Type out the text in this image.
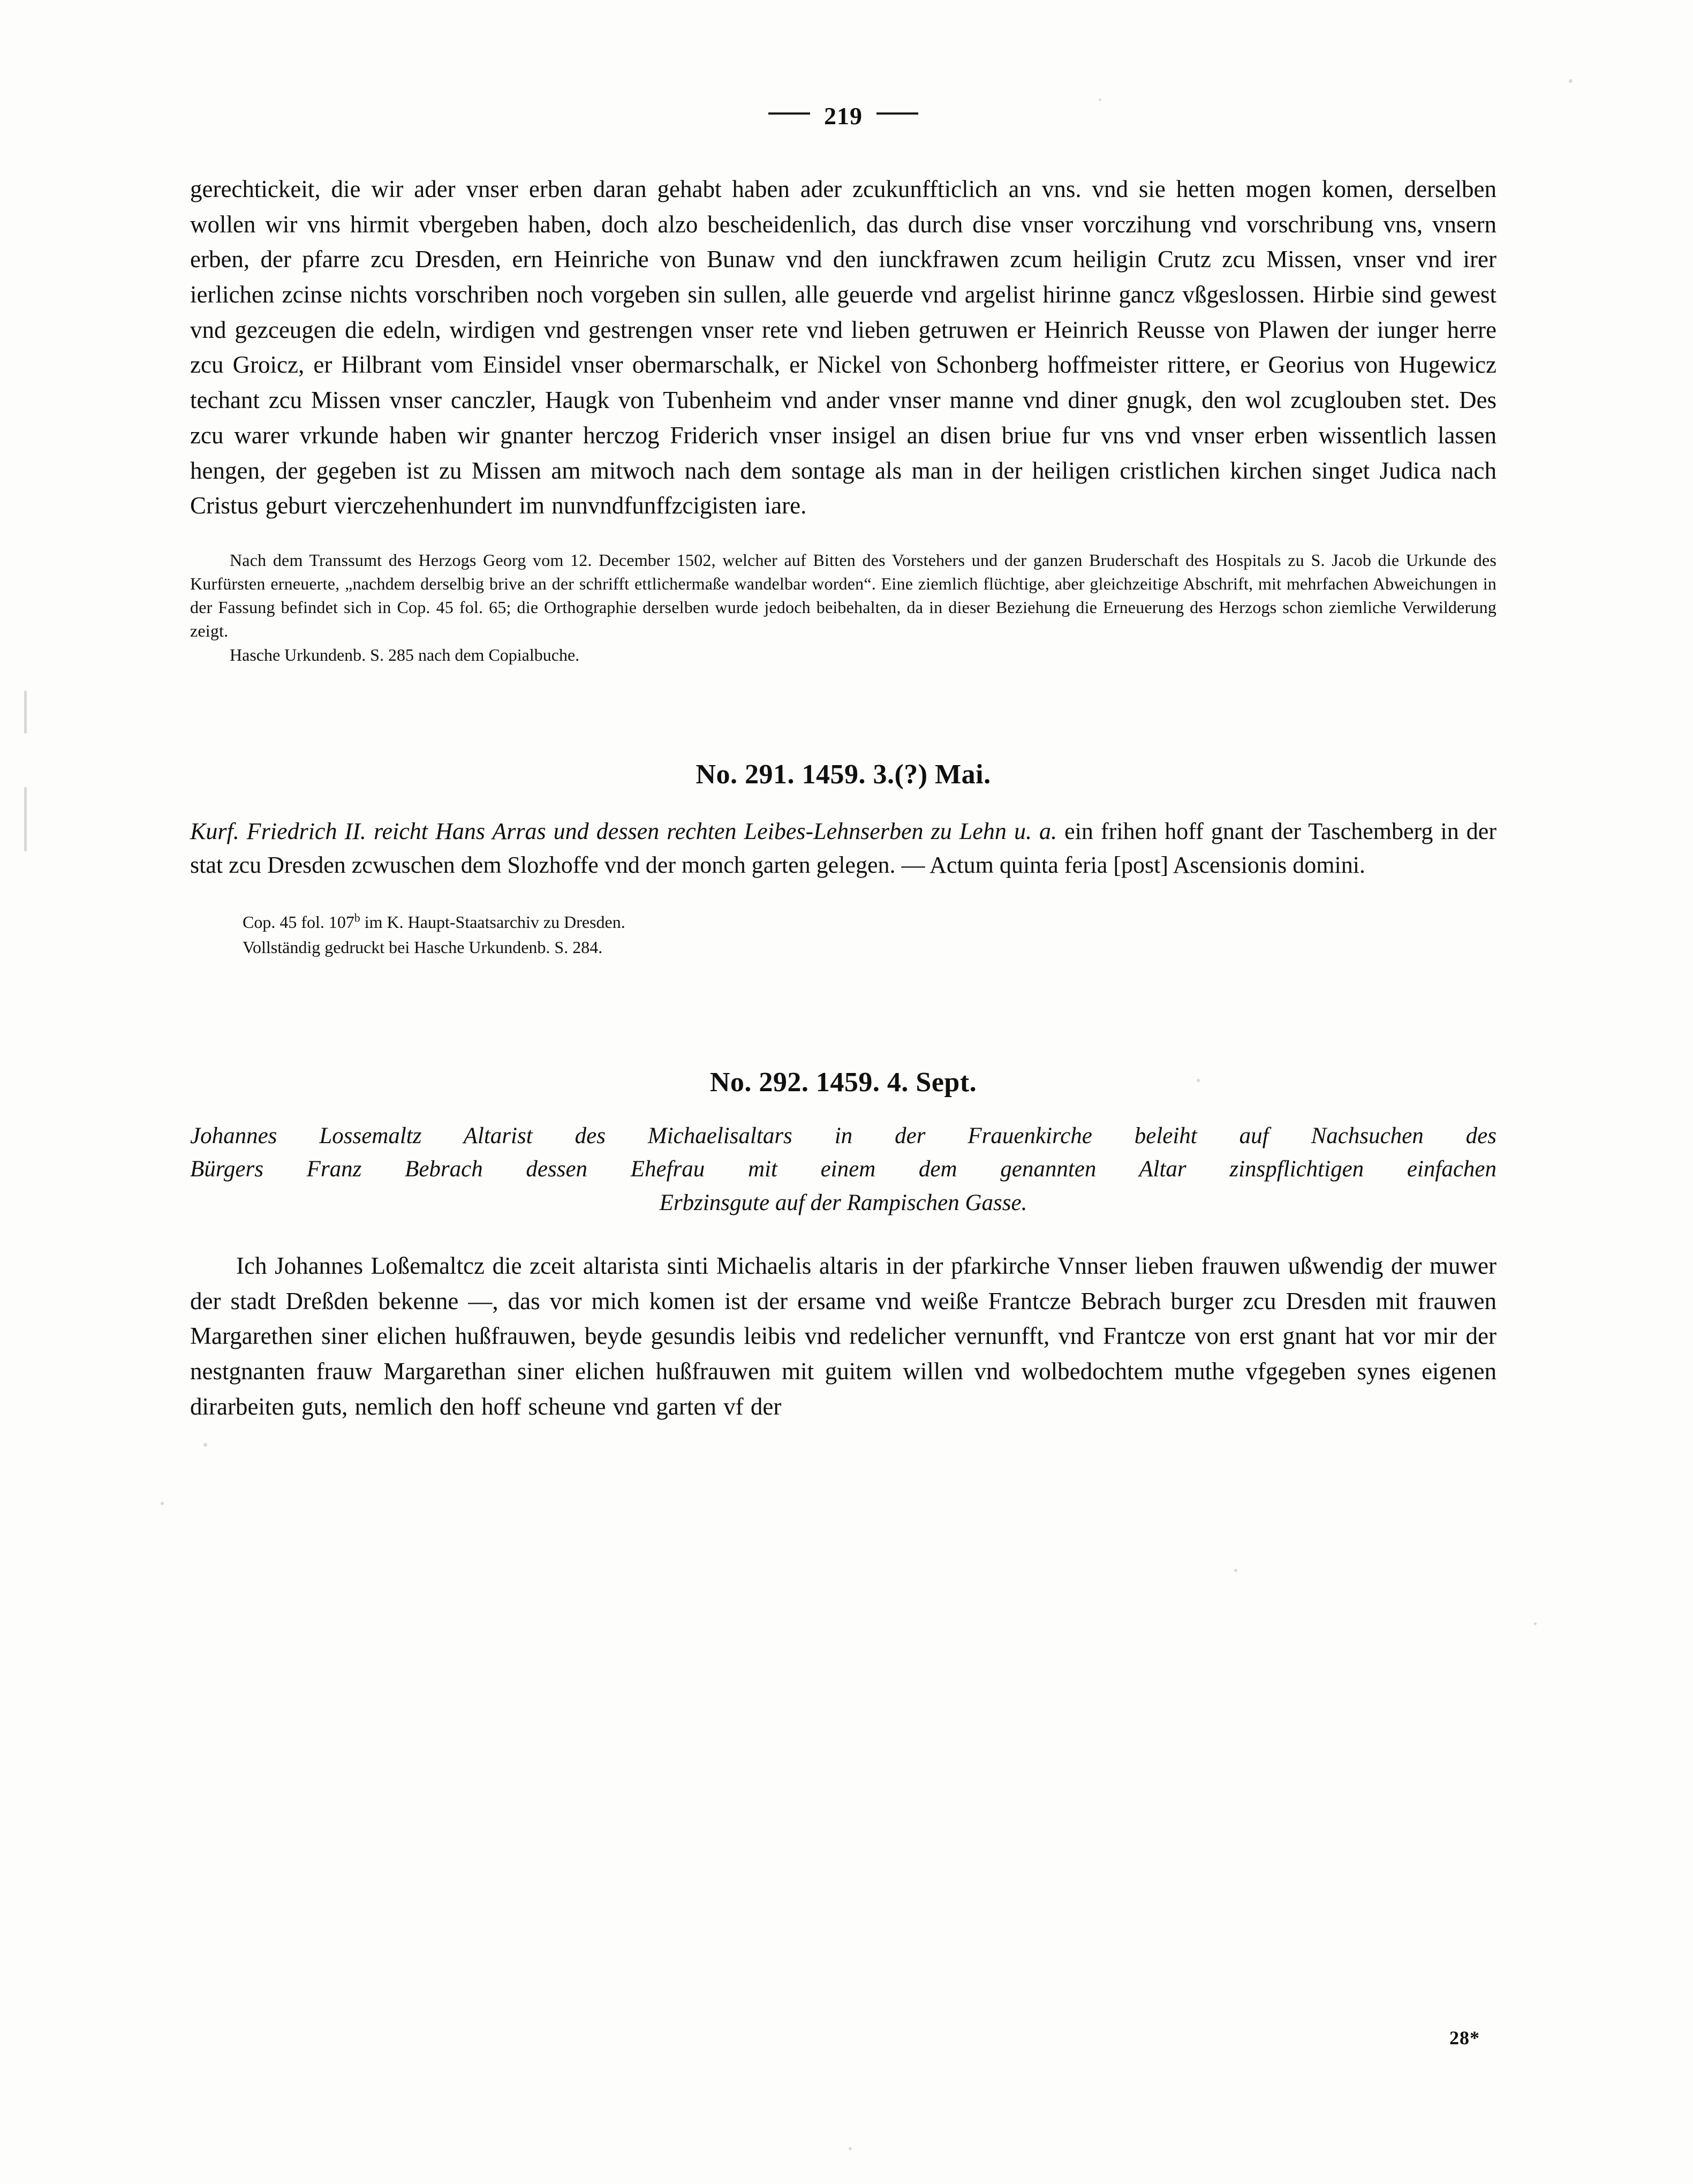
219

gerechtickeit, die wir ader vnser erben daran gehabt haben ader zcukunffticlich an vns. vnd sie hetten mogen komen, derselben wollen wir vns hirmit vbergeben haben, doch alzo bescheidenlich, das durch dise vnser vorczihung vnd vorschribung vns, vnsern erben, der pfarre zcu Dresden, ern Heinriche von Bunaw vnd den iunckfrawen zcum heiligin Crutz zcu Missen, vnser vnd irer ierlichen zcinse nichts vorschriben noch vorgeben sin sullen, alle geuerde vnd argelist hirinne gancz vßgeslossen. Hirbie sind gewest vnd gezceugen die edeln, wirdigen vnd gestrengen vnser rete vnd lieben getruwen er Heinrich Reusse von Plawen der iunger herre zcu Groicz, er Hilbrant vom Einsidel vnser obermarschalk, er Nickel von Schonberg hoffmeister rittere, er Georius von Hugewicz techant zcu Missen vnser canczler, Haugk von Tubenheim vnd ander vnser manne vnd diner gnugk, den wol zcuglouben stet. Des zcu warer vrkunde haben wir gnanter herczog Friderich vnser insigel an disen briue fur vns vnd vnser erben wissentlich lassen hengen, der gegeben ist zu Missen am mitwoch nach dem sontage als man in der heiligen cristlichen kirchen singet Judica nach Cristus geburt vierczehenhundert im nunvndfunffzcigisten iare.

Nach dem Transsumt des Herzogs Georg vom 12. December 1502, welcher auf Bitten des Vorstehers und der ganzen Bruderschaft des Hospitals zu S. Jacob die Urkunde des Kurfürsten erneuerte, „nachdem derselbig brive an der schrifft ettlichermaße wandelbar worden“. Eine ziemlich flüchtige, aber gleichzeitige Abschrift, mit mehrfachen Abweichungen in der Fassung befindet sich in Cop. 45 fol. 65; die Orthographie derselben wurde jedoch beibehalten, da in dieser Beziehung die Erneuerung des Herzogs schon ziemliche Verwilderung zeigt.

Hasche Urkundenb. S. 285 nach dem Copialbuche.
No. 291. 1459. 3.(?) Mai.

Kurf. Friedrich II. reicht Hans Arras und dessen rechten Leibes-Lehnserben zu Lehn u. a. ein frihen hoff gnant der Taschemberg in der stat zcu Dresden zcwuschen dem Slozhoffe vnd der monch garten gelegen. — Actum quinta feria [post] Ascensionis domini.

Cop. 45 fol. 107$^b$ im K. Haupt-Staatsarchiv zu Dresden.
Vollständig gedruckt bei Hasche Urkundenb. S. 284.
No. 292. 1459. 4. Sept.

Johannes Lossemaltz Altarist des Michaelisaltars in der Frauenkirche beleiht auf Nachsuchen des

Bürgers Franz Bebrach dessen Ehefrau mit einem dem genannten Altar zinspflichtigen einfachen

Erbzinsgute auf der Rampischen Gasse.

Ich Johannes Loßemaltcz die zceit altarista sinti Michaelis altaris in der pfarkirche Vnnser lieben frauwen ußwendig der muwer der stadt Dreßden bekenne —, das vor mich komen ist der ersame vnd weiße Frantcze Bebrach burger zcu Dresden mit frauwen Margarethen siner elichen hußfrauwen, beyde gesundis leibis vnd redelicher vernunfft, vnd Frantcze von erst gnant hat vor mir der nestgnanten frauw Margarethan siner elichen hußfrauwen mit guitem willen vnd wolbedochtem muthe vfgegeben synes eigenen dirarbeiten guts, nemlich den hoff scheune vnd garten vf der

28*
